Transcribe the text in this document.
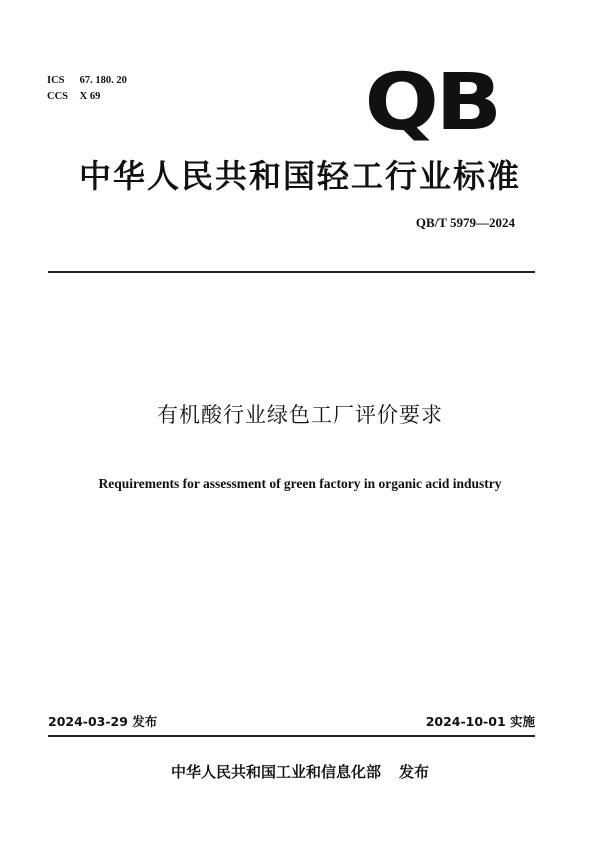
ICS 67. 180. 20
CCS X 69	QB
中华人民共和国轻工行业标准
QB/T 5979—2024
有机酸行业绿色工厂评价要求
Requirements for assessment of green factory in organic acid industry
2024-03-29 发布	2024-10-01 实施
中华人民共和国工业和信息化部 发布
